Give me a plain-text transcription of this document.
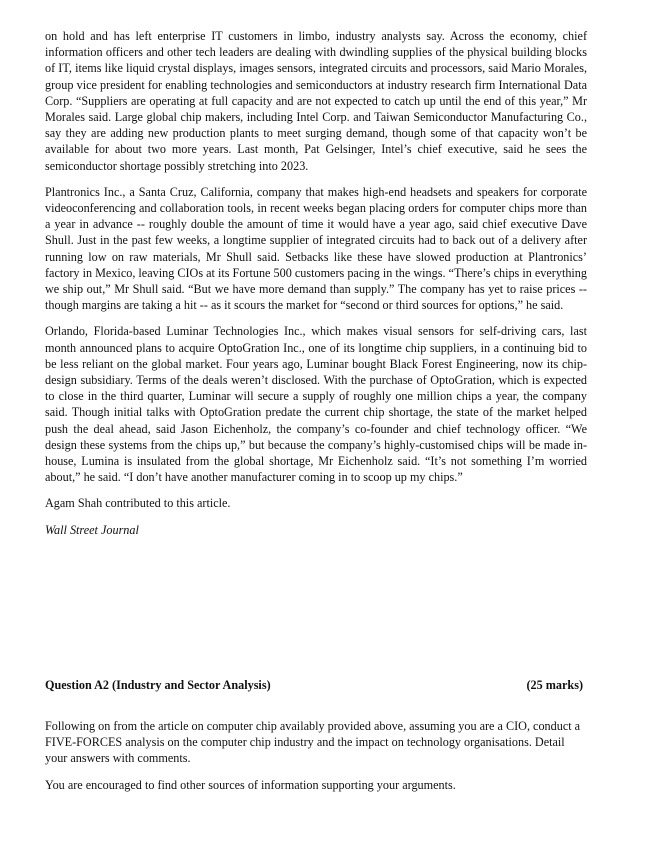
on hold and has left enterprise IT customers in limbo, industry analysts say. Across the economy, chief information officers and other tech leaders are dealing with dwindling supplies of the physical building blocks of IT, items like liquid crystal displays, images sensors, integrated circuits and processors, said Mario Morales, group vice president for enabling technologies and semiconductors at industry research firm International Data Corp. “Suppliers are operating at full capacity and are not expected to catch up until the end of this year,” Mr Morales said. Large global chip makers, including Intel Corp. and Taiwan Semiconductor Manufacturing Co., say they are adding new production plants to meet surging demand, though some of that capacity won’t be available for about two more years. Last month, Pat Gelsinger, Intel’s chief executive, said he sees the semiconductor shortage possibly stretching into 2023.

Plantronics Inc., a Santa Cruz, California, company that makes high-end headsets and speakers for corporate videoconferencing and collaboration tools, in recent weeks began placing orders for computer chips more than a year in advance -- roughly double the amount of time it would have a year ago, said chief executive Dave Shull. Just in the past few weeks, a longtime supplier of integrated circuits had to back out of a delivery after running low on raw materials, Mr Shull said. Setbacks like these have slowed production at Plantronics’ factory in Mexico, leaving CIOs at its Fortune 500 customers pacing in the wings. “There’s chips in everything we ship out,” Mr Shull said. “But we have more demand than supply.” The company has yet to raise prices -- though margins are taking a hit -- as it scours the market for “second or third sources for options,” he said.

Orlando, Florida-based Luminar Technologies Inc., which makes visual sensors for self-driving cars, last month announced plans to acquire OptoGration Inc., one of its longtime chip suppliers, in a continuing bid to be less reliant on the global market. Four years ago, Luminar bought Black Forest Engineering, now its chip-design subsidiary. Terms of the deals weren’t disclosed. With the purchase of OptoGration, which is expected to close in the third quarter, Luminar will secure a supply of roughly one million chips a year, the company said. Though initial talks with OptoGration predate the current chip shortage, the state of the market helped push the deal ahead, said Jason Eichenholz, the company’s co-founder and chief technology officer. “We design these systems from the chips up,” but because the company’s highly-customised chips will be made in-house, Lumina is insulated from the global shortage, Mr Eichenholz said. “It’s not something I’m worried about,” he said. “I don’t have another manufacturer coming in to scoop up my chips.”

Agam Shah contributed to this article.

Wall Street Journal

Question A2 (Industry and Sector Analysis)	(25 marks)

Following on from the article on computer chip availably provided above, assuming you are a CIO, conduct a FIVE-FORCES analysis on the computer chip industry and the impact on technology organisations. Detail your answers with comments.

You are encouraged to find other sources of information supporting your arguments.
